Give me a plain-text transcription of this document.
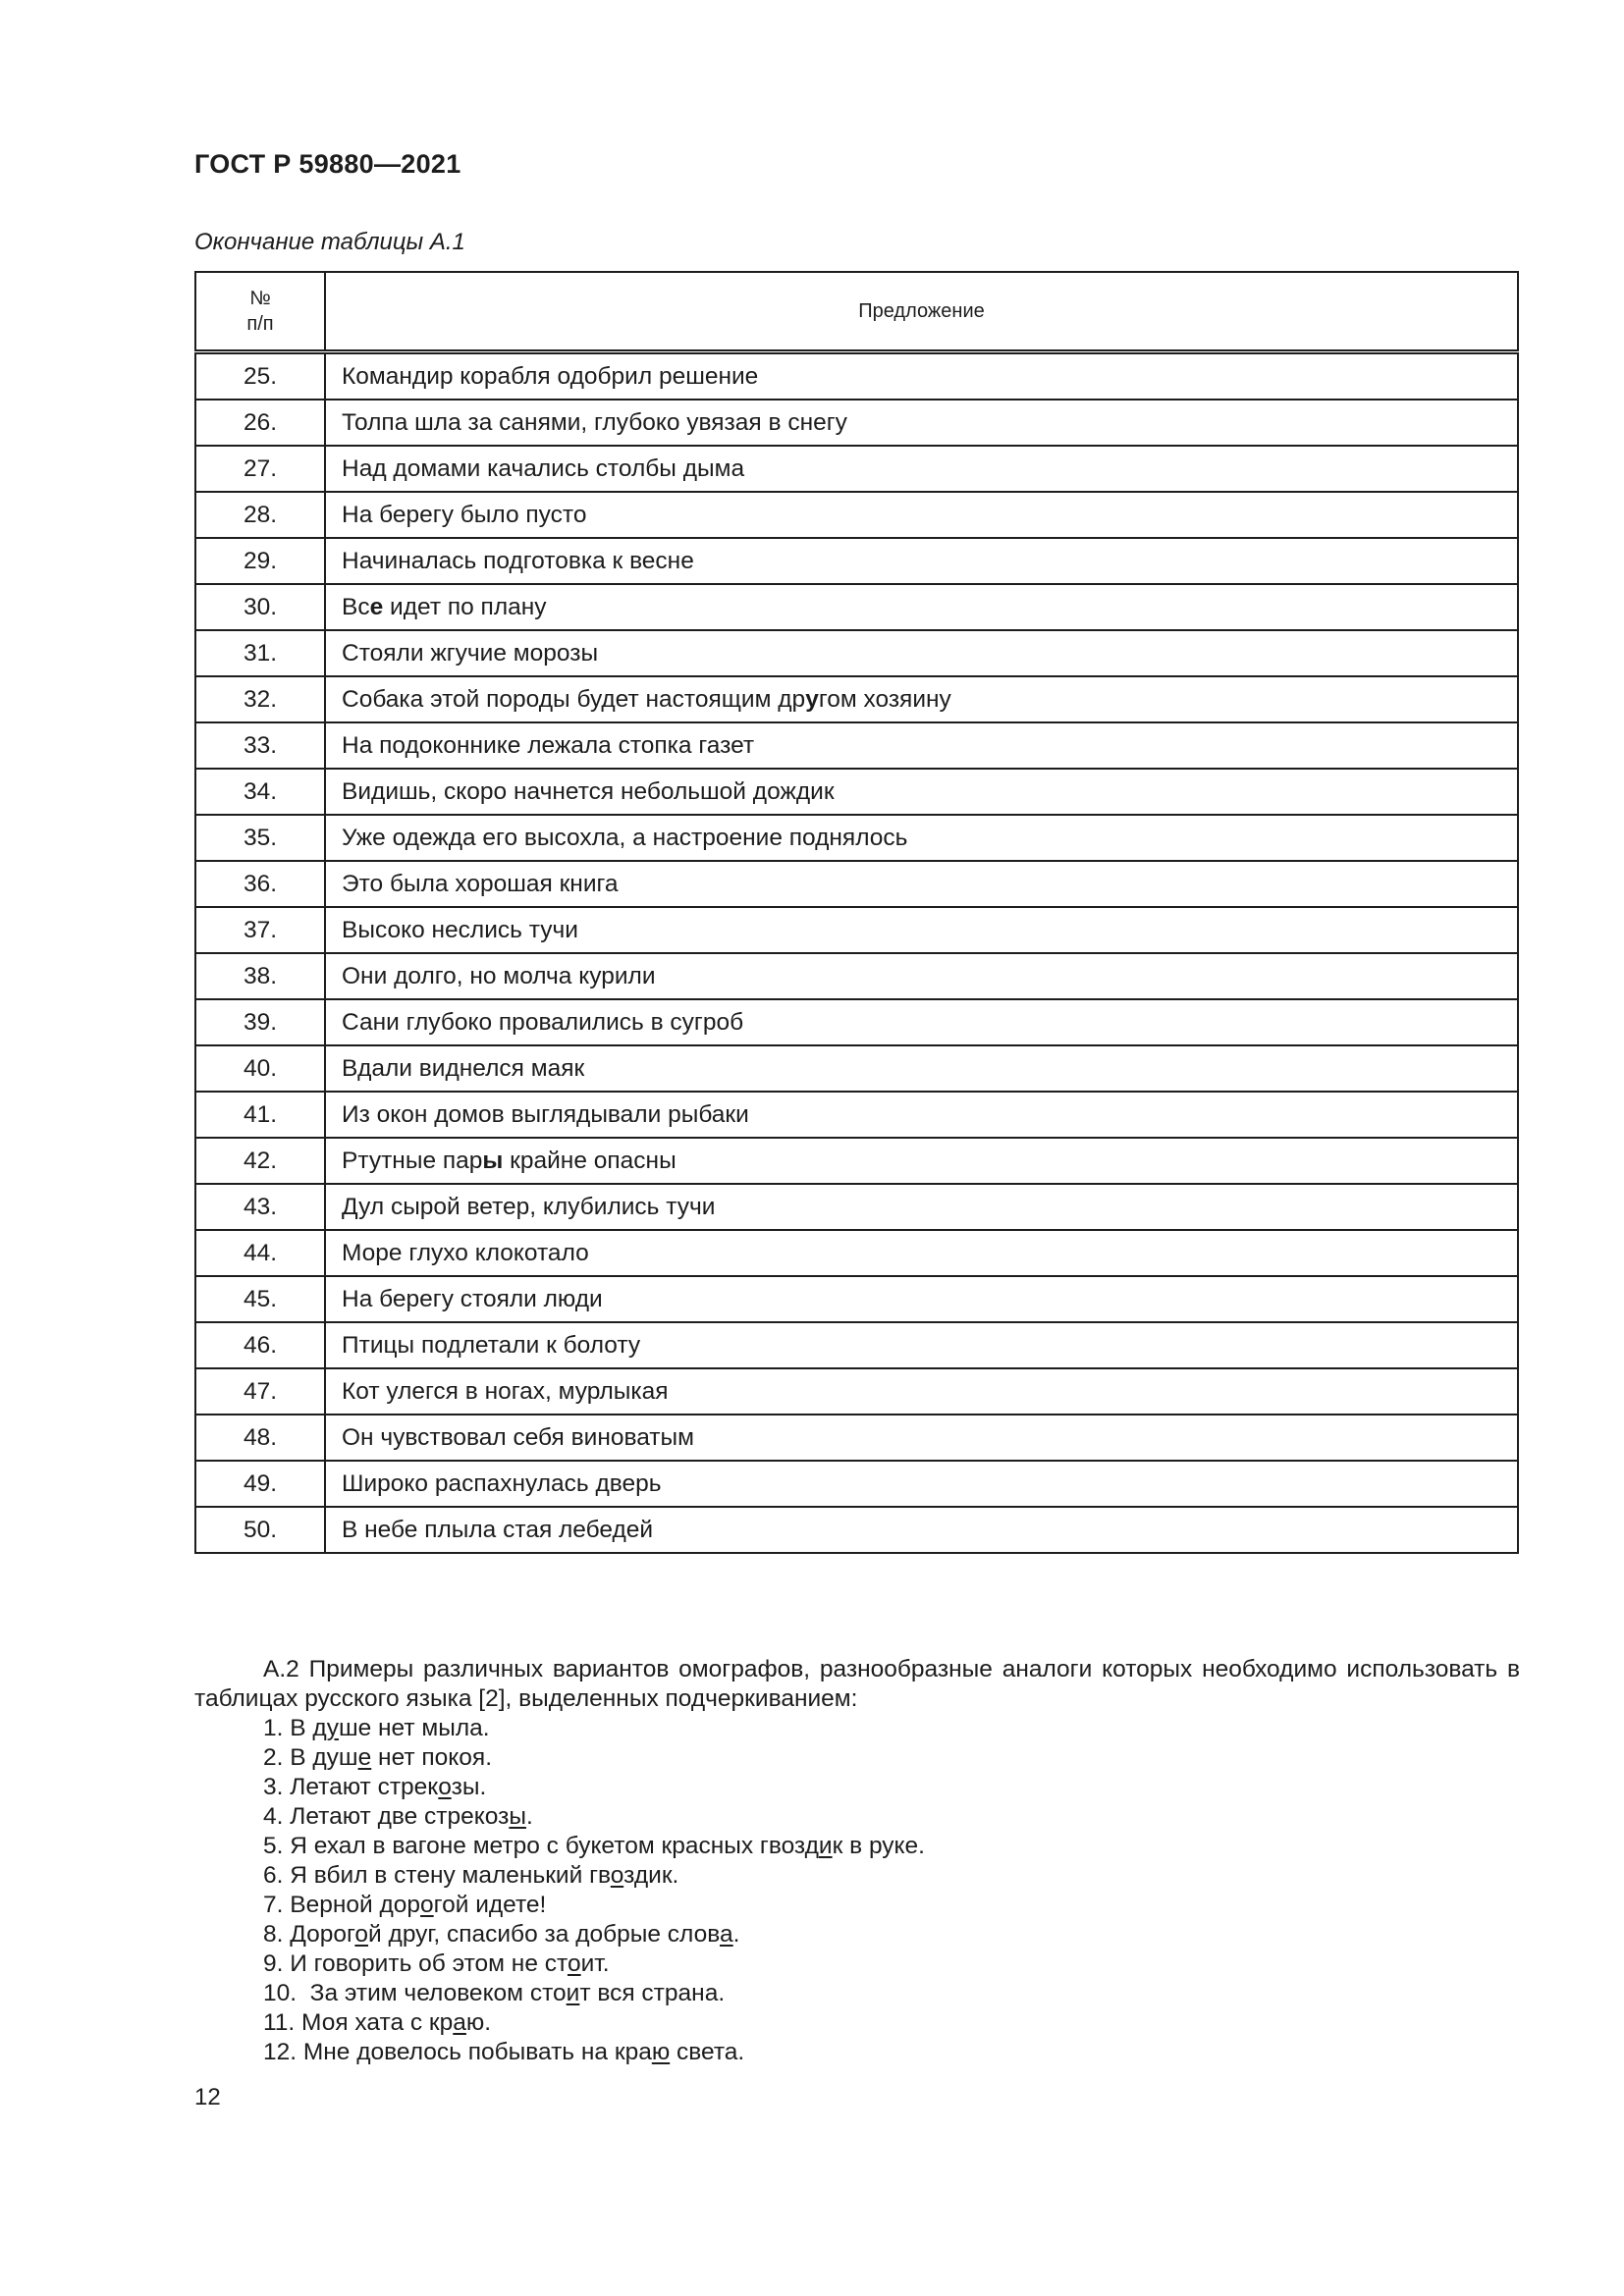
ГОСТ Р 59880—2021
Окончание таблицы А.1
№
п/п	Предложение
25.	Командир корабля одобрил решение
26.	Толпа шла за санями, глубоко увязая в снегу
27.	Над домами качались столбы дыма
28.	На берегу было пусто
29.	Начиналась подготовка к весне
30.	Все идет по плану
31.	Стояли жгучие морозы
32.	Собака этой породы будет настоящим другом хозяину
33.	На подоконнике лежала стопка газет
34.	Видишь, скоро начнется небольшой дождик
35.	Уже одежда его высохла, а настроение поднялось
36.	Это была хорошая книга
37.	Высоко неслись тучи
38.	Они долго, но молча курили
39.	Сани глубоко провалились в сугроб
40.	Вдали виднелся маяк
41.	Из окон домов выглядывали рыбаки
42.	Ртутные пары крайне опасны
43.	Дул сырой ветер, клубились тучи
44.	Море глухо клокотало
45.	На берегу стояли люди
46.	Птицы подлетали к болоту
47.	Кот улегся в ногах, мурлыкая
48.	Он чувствовал себя виноватым
49.	Широко распахнулась дверь
50.	В небе плыла стая лебедей
А.2 Примеры различных вариантов омографов, разнообразные аналоги которых необходимо использовать в таблицах русского языка [2], выделенных подчеркиванием:
1. В душе нет мыла.
2. В душе нет покоя.
3. Летают стрекозы.
4. Летают две стрекозы.
5. Я ехал в вагоне метро с букетом красных гвоздик в руке.
6. Я вбил в стену маленький гвоздик.
7. Верной дорогой идете!
8. Дорогой друг, спасибо за добрые слова.
9. И говорить об этом не стоит.
10.  За этим человеком стоит вся страна.
11. Моя хата с краю.
12. Мне довелось побывать на краю света.
12
